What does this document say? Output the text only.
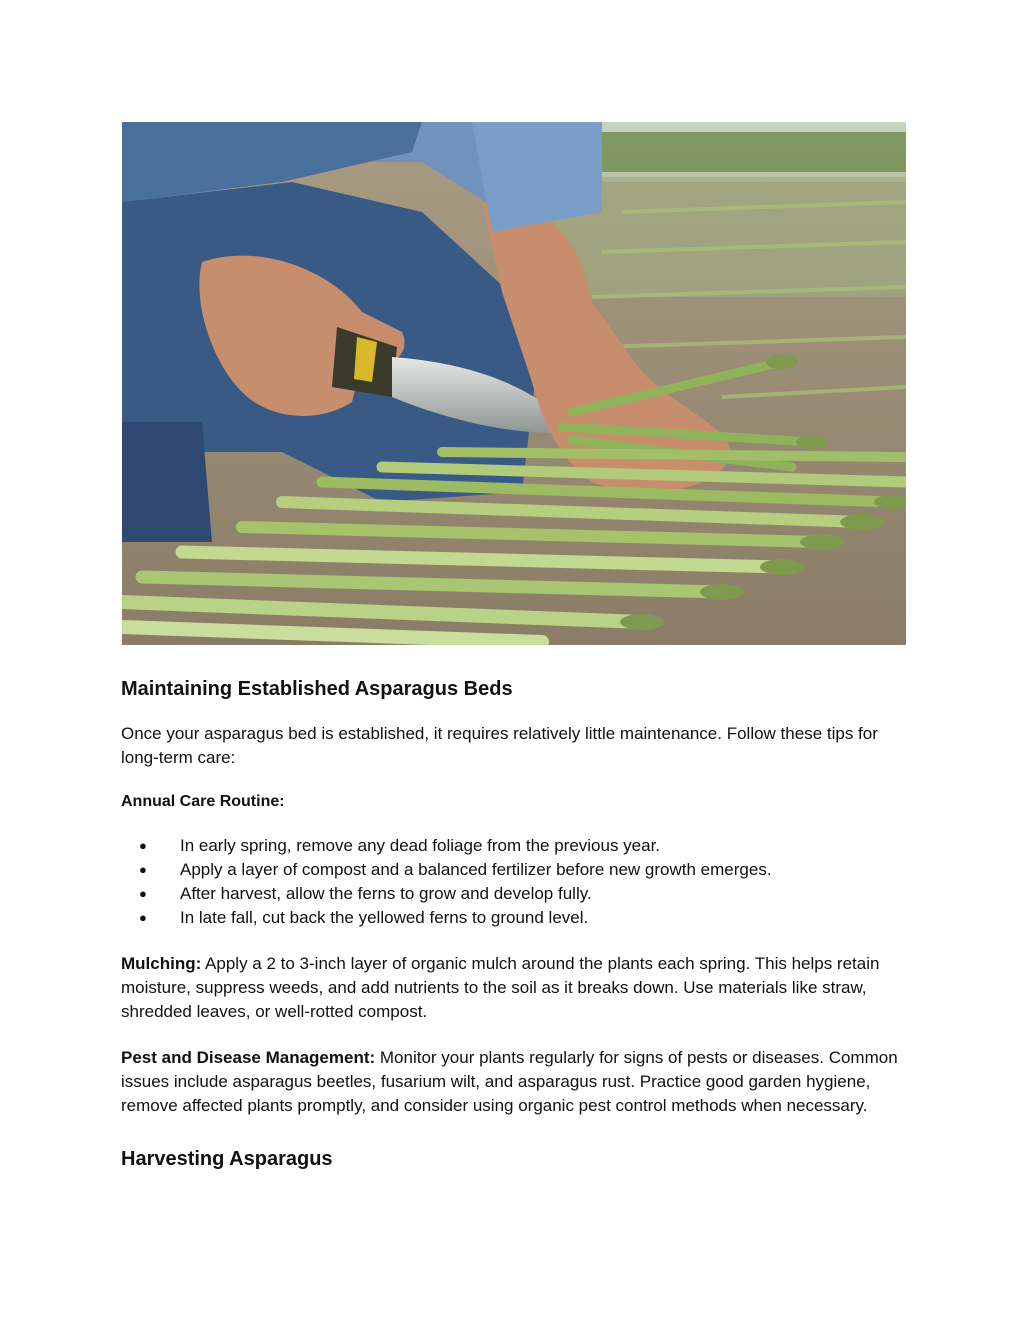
Maintaining Established Asparagus Beds

Once your asparagus bed is established, it requires relatively little maintenance. Follow these tips for long-term care:

Annual Care Routine:
● In early spring, remove any dead foliage from the previous year.
● Apply a layer of compost and a balanced fertilizer before new growth emerges.
● After harvest, allow the ferns to grow and develop fully.
● In late fall, cut back the yellowed ferns to ground level.

Mulching: Apply a 2 to 3-inch layer of organic mulch around the plants each spring. This helps retain moisture, suppress weeds, and add nutrients to the soil as it breaks down. Use materials like straw, shredded leaves, or well-rotted compost.

Pest and Disease Management: Monitor your plants regularly for signs of pests or diseases. Common issues include asparagus beetles, fusarium wilt, and asparagus rust. Practice good garden hygiene, remove affected plants promptly, and consider using organic pest control methods when necessary.

Harvesting Asparagus
